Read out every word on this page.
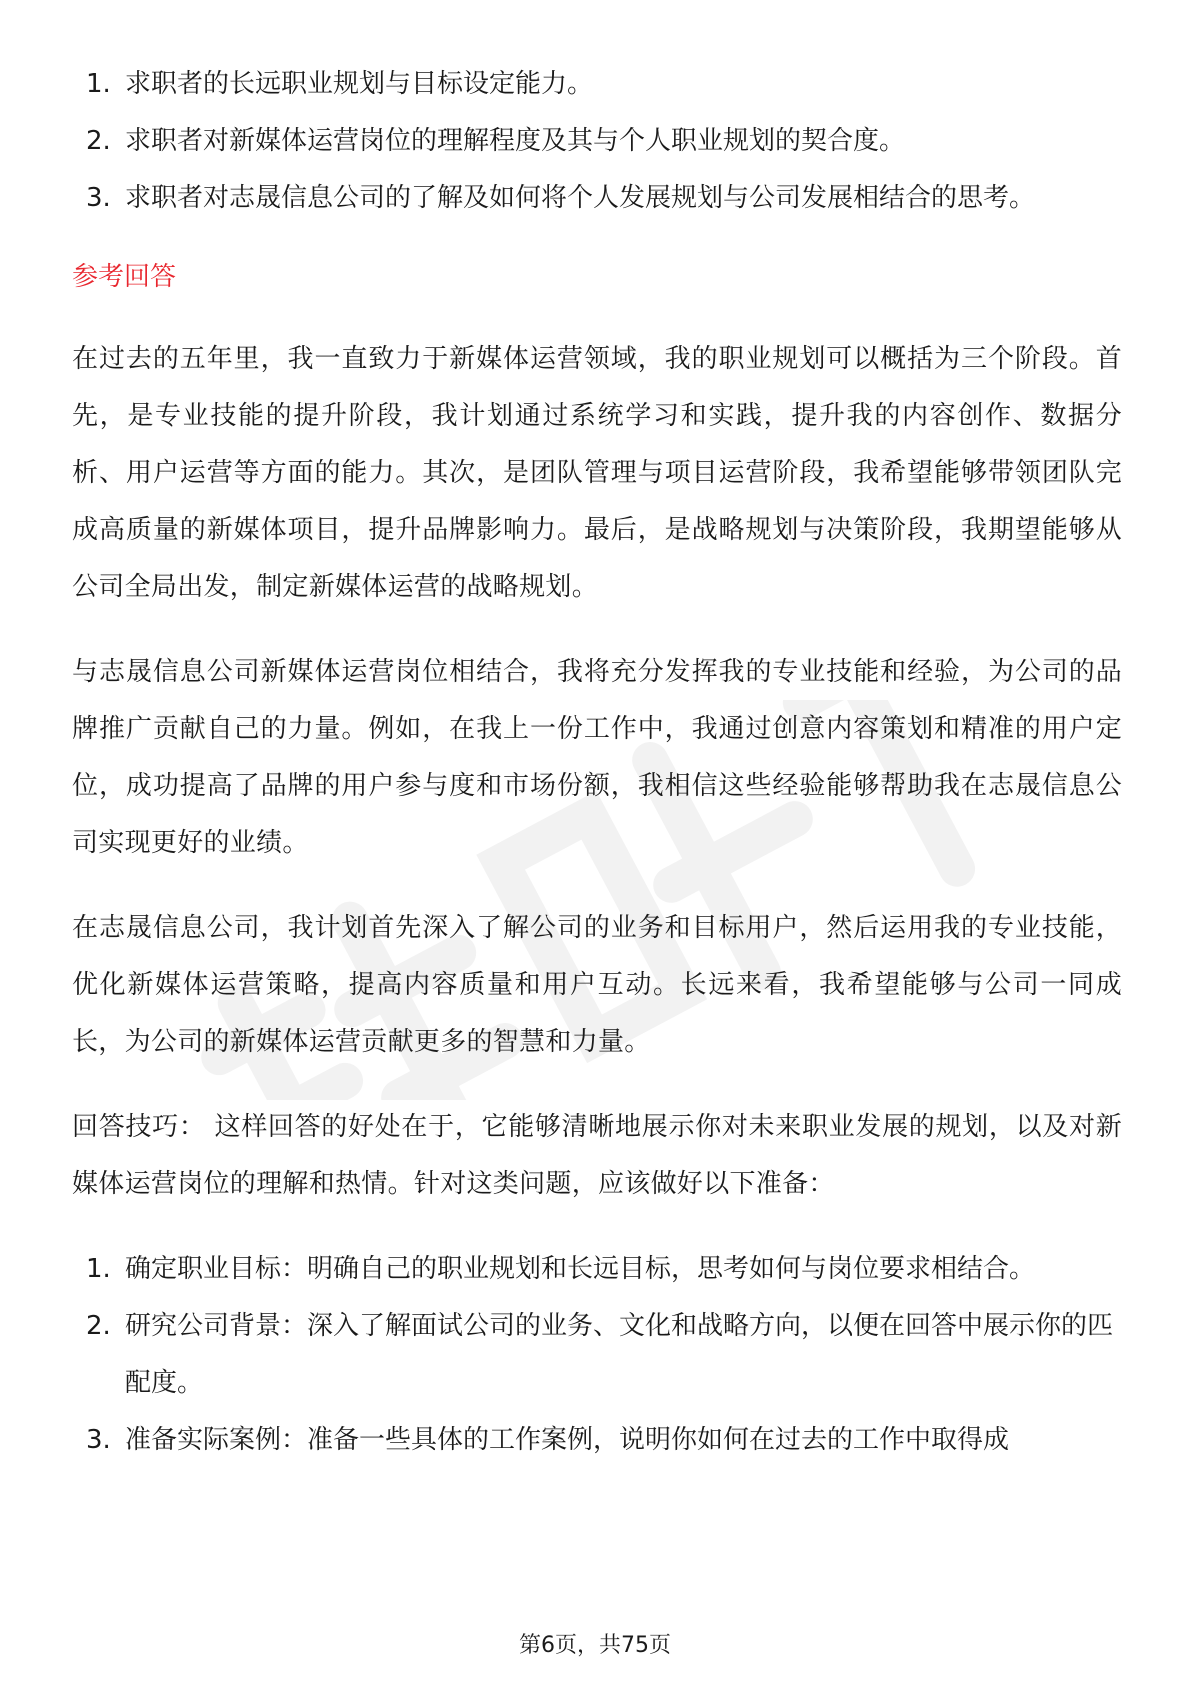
1. 求职者的长远职业规划与目标设定能力。
2. 求职者对新媒体运营岗位的理解程度及其与个人职业规划的契合度。
3. 求职者对志晟信息公司的了解及如何将个人发展规划与公司发展相结合的思考。
参考回答

在过去的五年里，我一直致力于新媒体运营领域，我的职业规划可以概括为三个阶段。首先，是专业技能的提升阶段，我计划通过系统学习和实践，提升我的内容创作、数据分析、用户运营等方面的能力。其次，是团队管理与项目运营阶段，我希望能够带领团队完成高质量的新媒体项目，提升品牌影响力。最后，是战略规划与决策阶段，我期望能够从公司全局出发，制定新媒体运营的战略规划。

与志晟信息公司新媒体运营岗位相结合，我将充分发挥我的专业技能和经验，为公司的品牌推广贡献自己的力量。例如，在我上一份工作中，我通过创意内容策划和精准的用户定位，成功提高了品牌的用户参与度和市场份额，我相信这些经验能够帮助我在志晟信息公司实现更好的业绩。

在志晟信息公司，我计划首先深入了解公司的业务和目标用户，然后运用我的专业技能，优化新媒体运营策略，提高内容质量和用户互动。长远来看，我希望能够与公司一同成长，为公司的新媒体运营贡献更多的智慧和力量。

回答技巧： 这样回答的好处在于，它能够清晰地展示你对未来职业发展的规划，以及对新媒体运营岗位的理解和热情。针对这类问题，应该做好以下准备：

1. 确定职业目标：明确自己的职业规划和长远目标，思考如何与岗位要求相结合。
2. 研究公司背景：深入了解面试公司的业务、文化和战略方向，以便在回答中展示你的匹配度。
3. 准备实际案例：准备一些具体的工作案例，说明你如何在过去的工作中取得成
第6页，共75页
